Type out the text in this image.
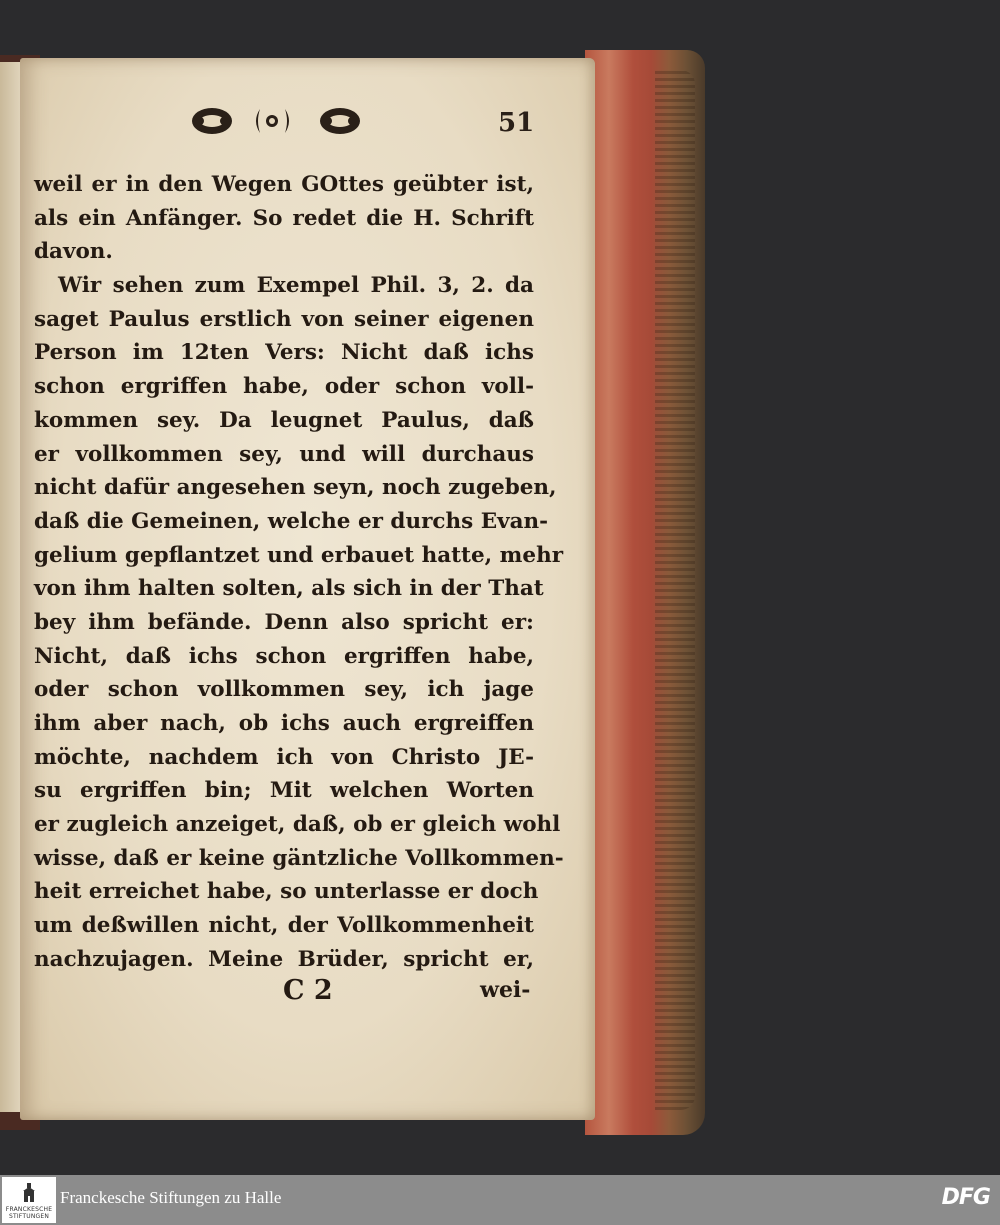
51
weil er in den Wegen GOttes geübter ist,
als ein Anfänger. So redet die H. Schrift
davon.
Wir sehen zum Exempel Phil. 3, 2. da
saget Paulus erstlich von seiner eigenen
Person im 12ten Vers: Nicht daß ichs
schon ergriffen habe, oder schon voll-
kommen sey. Da leugnet Paulus, daß
er vollkommen sey, und will durchaus
nicht dafür angesehen seyn, noch zugeben,
daß die Gemeinen, welche er durchs Evan-
gelium gepflantzet und erbauet hatte, mehr
von ihm halten solten, als sich in der That
bey ihm befände. Denn also spricht er:
Nicht, daß ichs schon ergriffen habe,
oder schon vollkommen sey, ich jage
ihm aber nach, ob ichs auch ergreiffen
möchte, nachdem ich von Christo JE-
su ergriffen bin; Mit welchen Worten
er zugleich anzeiget, daß, ob er gleich wohl
wisse, daß er keine gäntzliche Vollkommen-
heit erreichet habe, so unterlasse er doch
um deßwillen nicht, der Vollkommenheit
nachzujagen. Meine Brüder, spricht er,
C 2	wei-
FRANCKESCHE STIFTUNGEN
Franckesche Stiftungen zu Halle	DFG
